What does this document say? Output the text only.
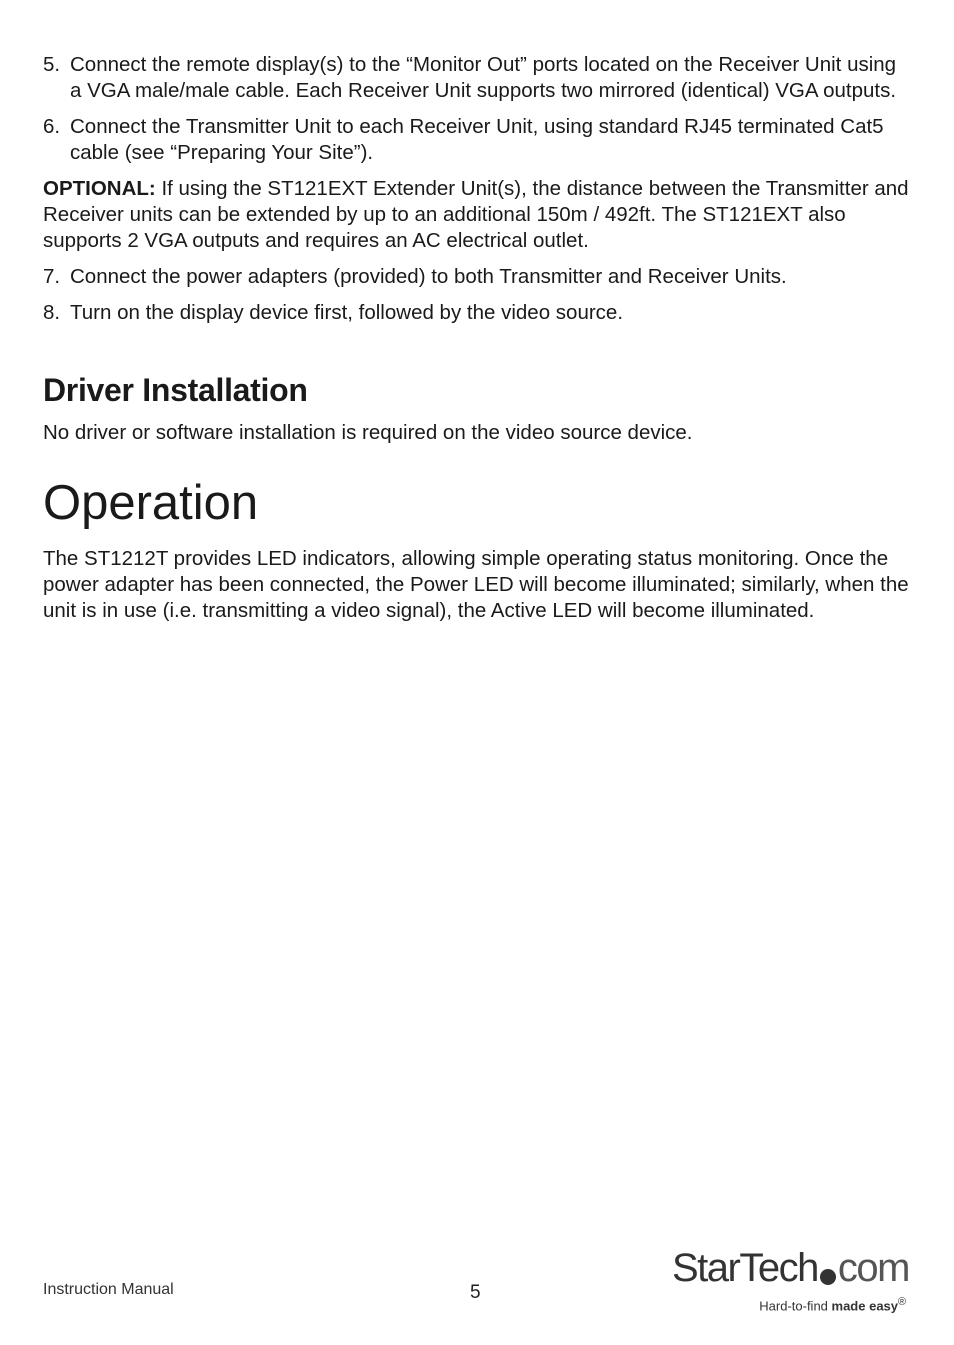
5. Connect the remote display(s) to the “Monitor Out” ports located on the Receiver Unit using a VGA male/male cable. Each Receiver Unit supports two mirrored (identical) VGA outputs.
6. Connect the Transmitter Unit to each Receiver Unit, using standard RJ45 terminated Cat5 cable (see “Preparing Your Site”).

OPTIONAL: If using the ST121EXT Extender Unit(s), the distance between the Transmitter and Receiver units can be extended by up to an additional 150m / 492ft. The ST121EXT also supports 2 VGA outputs and requires an AC electrical outlet.

7. Connect the power adapters (provided) to both Transmitter and Receiver Units.
8. Turn on the display device first, followed by the video source.
Driver Installation

No driver or software installation is required on the video source device.

Operation

The ST1212T provides LED indicators, allowing simple operating status monitoring. Once the power adapter has been connected, the Power LED will become illuminated; similarly, when the unit is in use (i.e. transmitting a video signal), the Active LED will become illuminated.

Instruction Manual	5
StarTech com
Hard-to-find made easy®
